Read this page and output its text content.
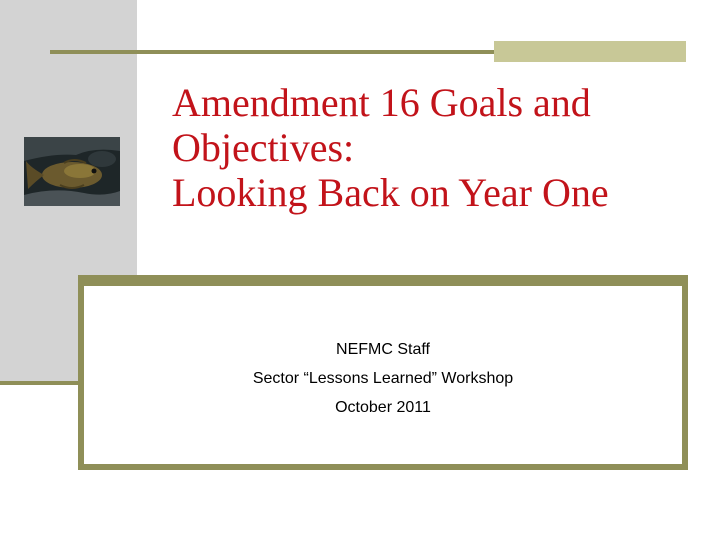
Amendment 16 Goals and
Objectives:
Looking Back on Year One
NEFMC Staff
Sector “Lessons Learned” Workshop
October 2011
